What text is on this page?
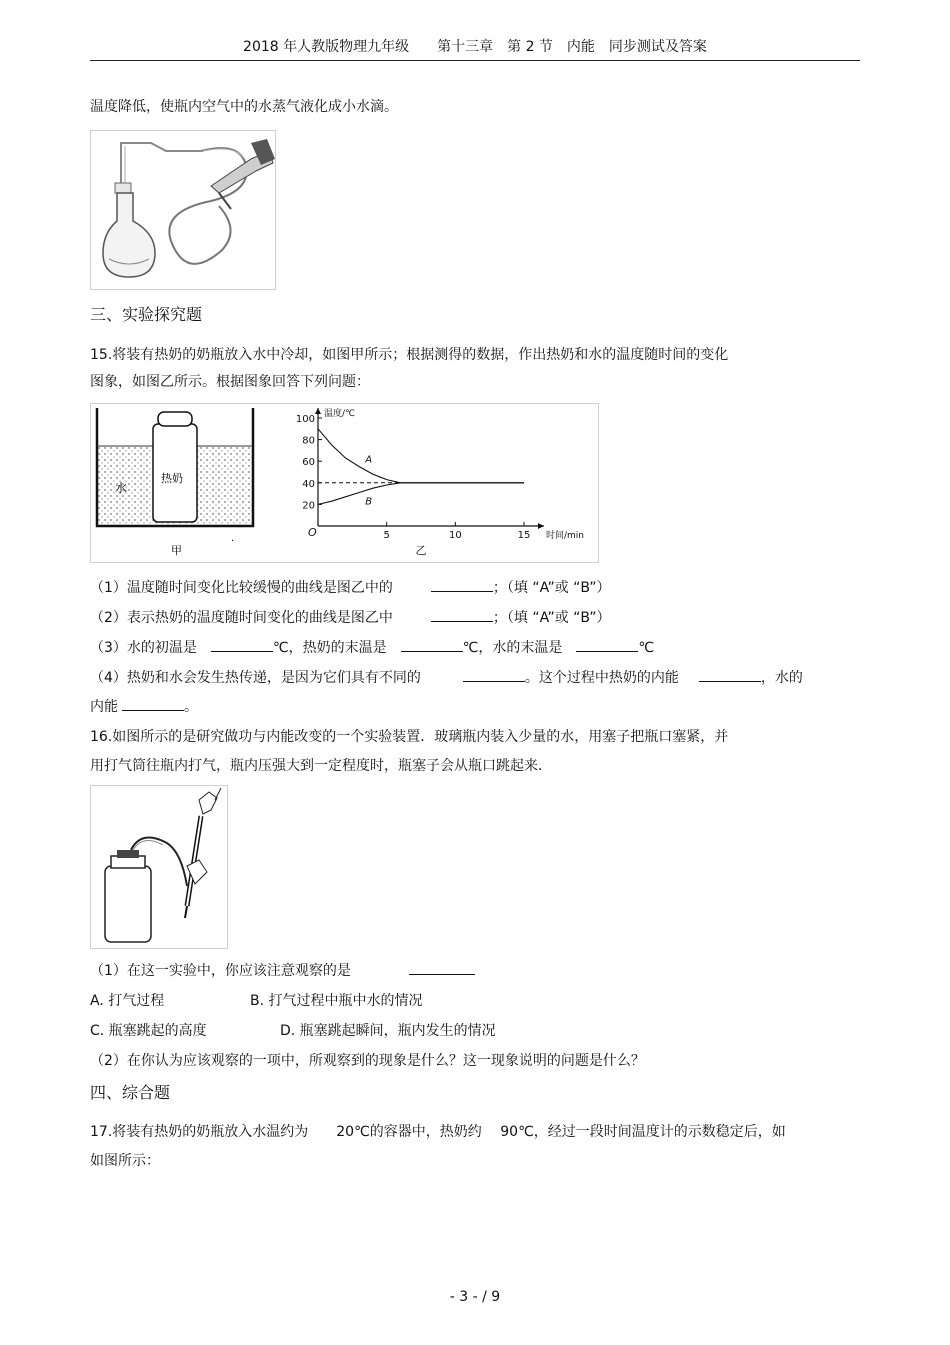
2018 年人教版物理九年级　　第十三章　第 2 节　内能　同步测试及答案
温度降低，使瓶内空气中的水蒸气液化成小水滴。
三、实验探究题
15.将装有热奶的奶瓶放入水中冷却，如图甲所示；根据测得的数据，作出热奶和水的温度随时间的变化
图象，如图乙所示。根据图象回答下列问题：
水
热奶
甲
·
100
80
60
40
20
5	10	15
O	时间/min
温度/℃
A
B
乙
（1）温度随时间变化比较缓慢的曲线是图乙中的	；（填 “A”或 “B”）
（2）表示热奶的温度随时间变化的曲线是图乙中	；（填 “A”或 “B”）
（3）水的初温是	℃，热奶的末温是	℃，水的末温是	℃
（4）热奶和水会发生热传递，是因为它们具有不同的	。这个过程中热奶的内能	，水的
内能	。
16.如图所示的是研究做功与内能改变的一个实验装置．玻璃瓶内装入少量的水，用塞子把瓶口塞紧，并
用打气筒往瓶内打气，瓶内压强大到一定程度时，瓶塞子会从瓶口跳起来．
（1）在这一实验中，你应该注意观察的是
A. 打气过程	B. 打气过程中瓶中水的情况
C. 瓶塞跳起的高度	D. 瓶塞跳起瞬间，瓶内发生的情况
（2）在你认为应该观察的一项中，所观察到的现象是什么？这一现象说明的问题是什么？
四、综合题
17.将装有热奶的奶瓶放入水温约为　　20℃的容器中，热奶约　 90℃，经过一段时间温度计的示数稳定后，如
如图所示：
- 3 - / 9
